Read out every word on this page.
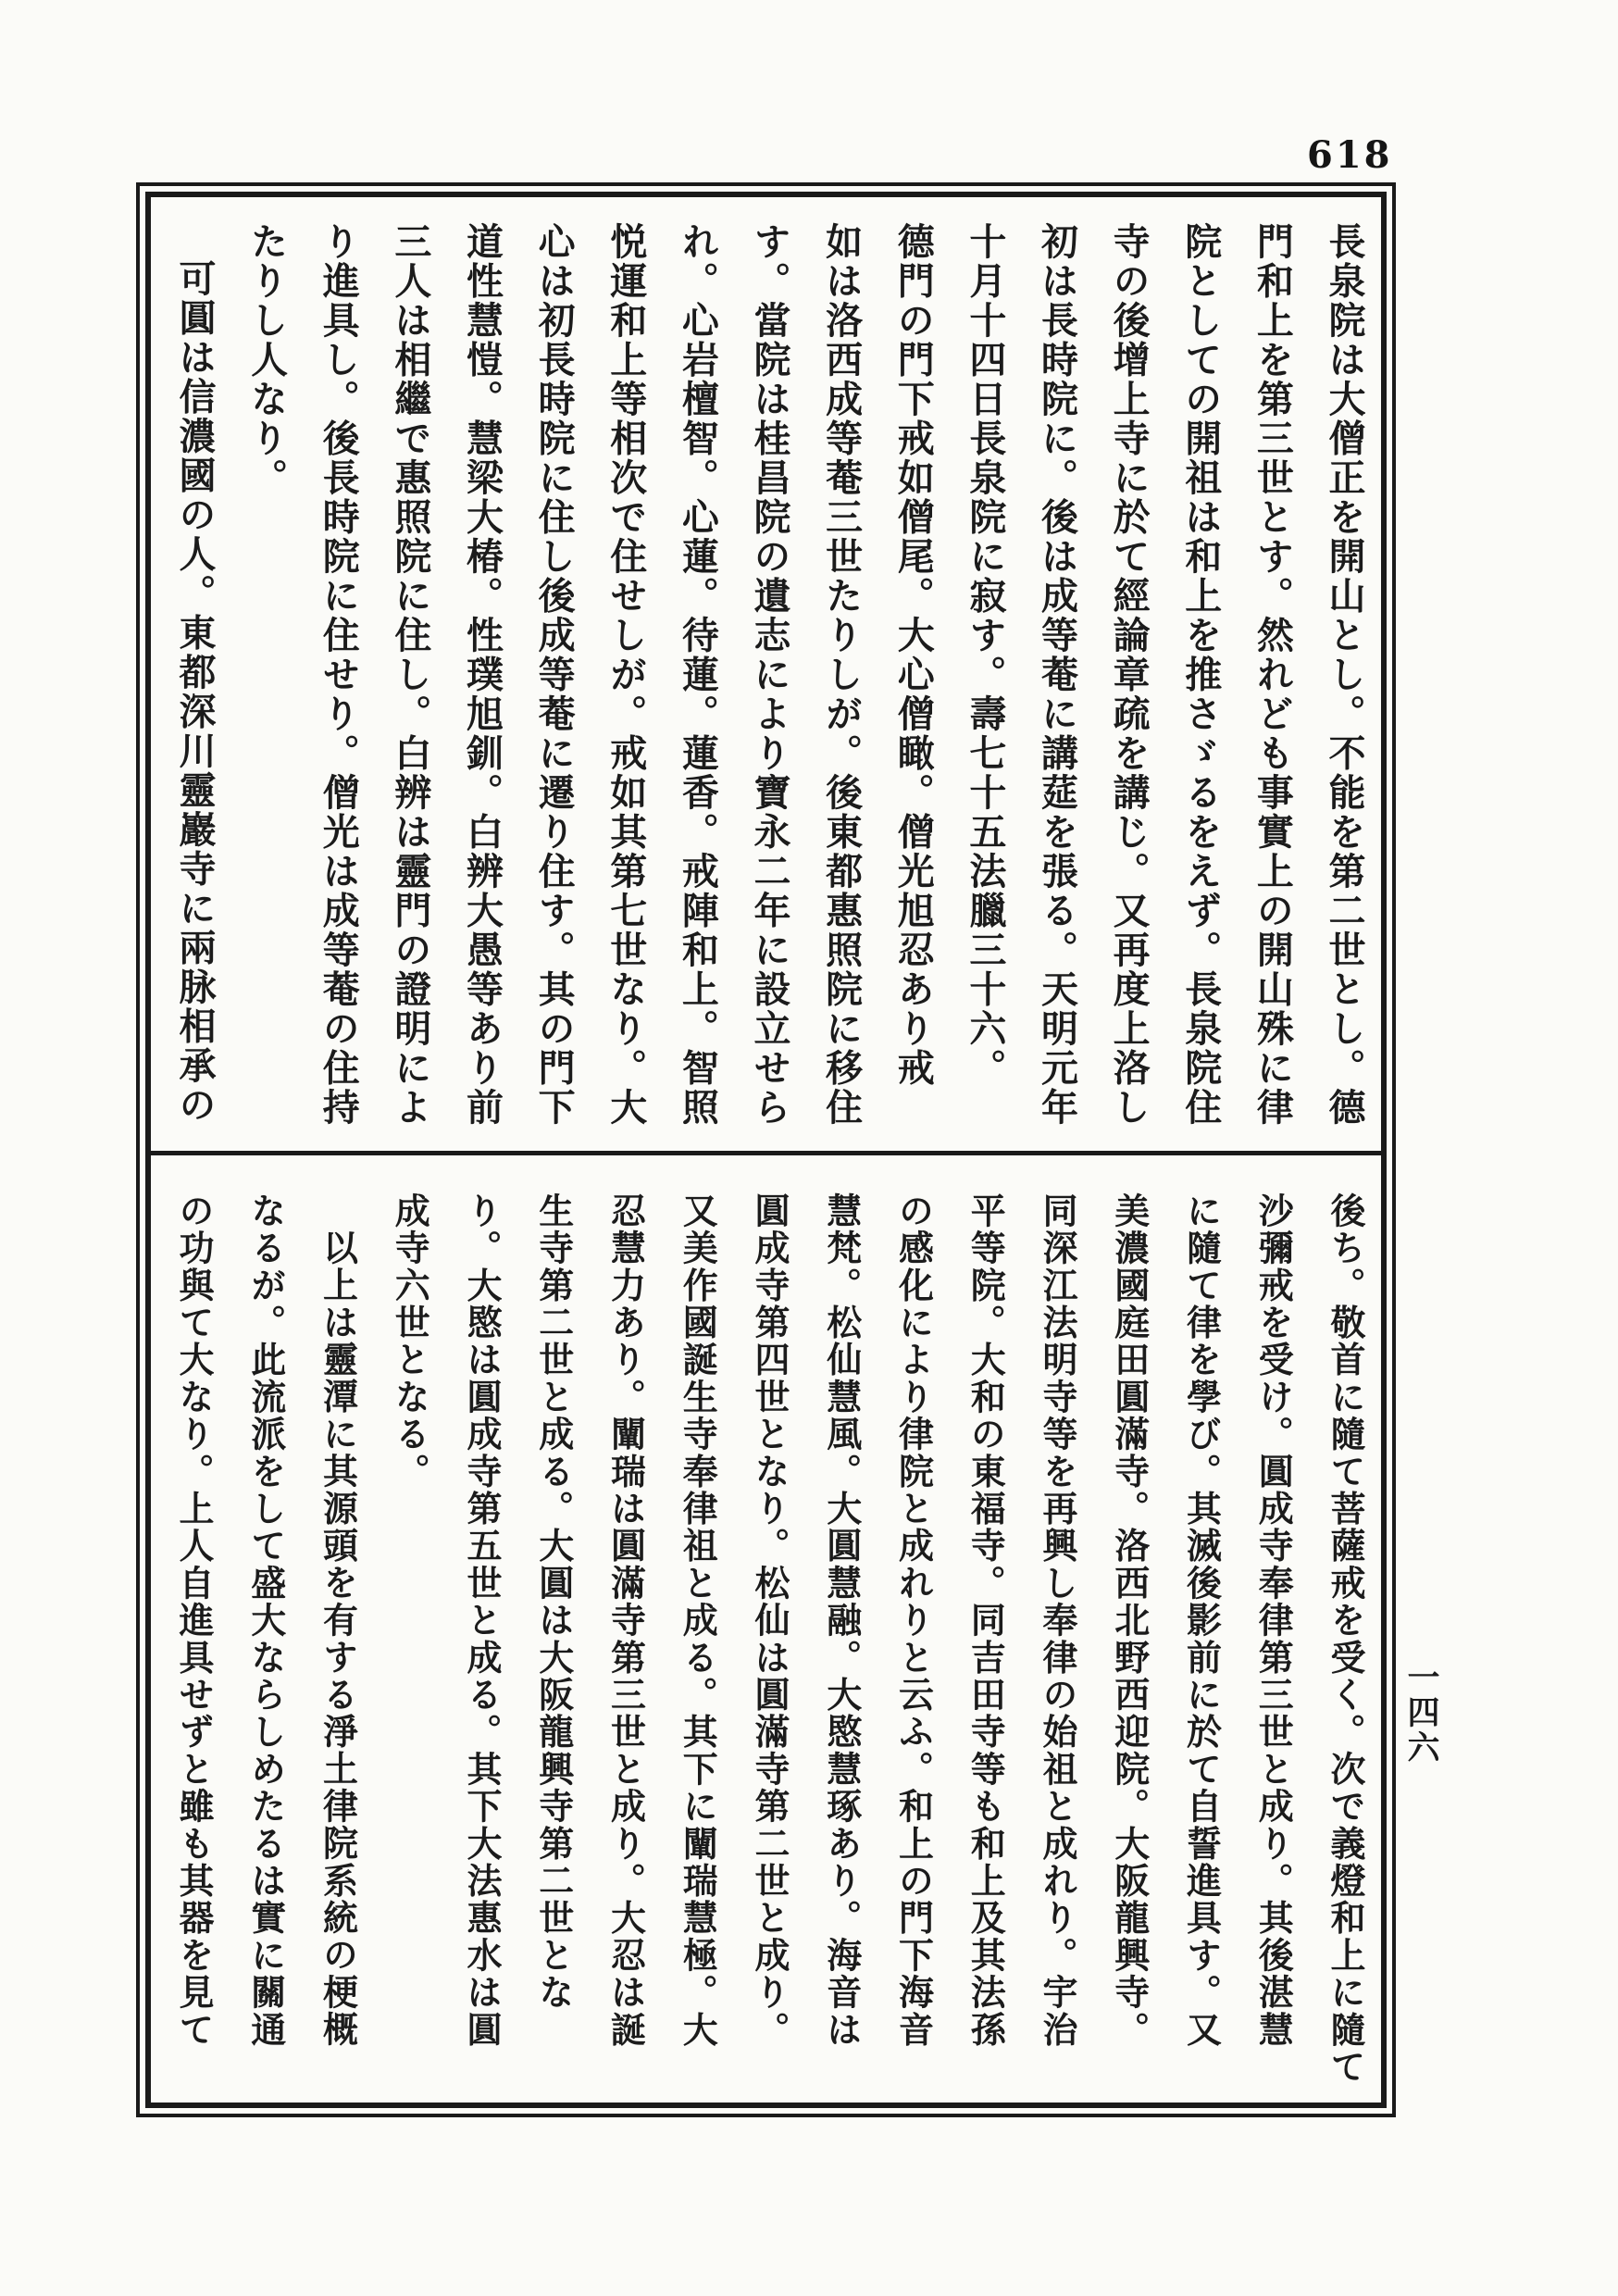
618
長泉院は大僧正を開山とし。不能を第二世とし。德
門和上を第三世とす。然れども事實上の開山殊に律
院としての開祖は和上を推さゞるをえず。長泉院住
寺の後增上寺に於て經論章疏を講じ。又再度上洛し
初は長時院に。後は成等菴に講莚を張る。天明元年
十月十四日長泉院に寂す。壽七十五法臘三十六。
德門の門下戒如僧尾。大心僧瞰。僧光旭忍あり戒
如は洛西成等菴三世たりしが。後東都惠照院に移住
す。當院は桂昌院の遺志により寶永二年に設立せら
れ。心岩檀智。心蓮。待蓮。蓮香。戒陣和上。智照
悦運和上等相次で住せしが。戒如其第七世なり。大
心は初長時院に住し後成等菴に遷り住す。其の門下
道性慧愷。慧梁大椿。性璞旭釧。白辨大愚等あり前
三人は相繼で惠照院に住し。白辨は靈門の證明によ
り進具し。後長時院に住せり。僧光は成等菴の住持
たりし人なり。
可圓は信濃國の人。東都深川靈巖寺に兩脉相承の
後ち。敬首に隨て菩薩戒を受く。次で義燈和上に隨て
沙彌戒を受け。圓成寺奉律第三世と成り。其後湛慧
に隨て律を學び。其滅後影前に於て自誓進具す。又
美濃國庭田圓滿寺。洛西北野西迎院。大阪龍興寺。
同深江法明寺等を再興し奉律の始祖と成れり。宇治
平等院。大和の東福寺。同吉田寺等も和上及其法孫
の感化により律院と成れりと云ふ。和上の門下海音
慧梵。松仙慧風。大圓慧融。大愍慧琢あり。海音は
圓成寺第四世となり。松仙は圓滿寺第二世と成り。
又美作國誕生寺奉律祖と成る。其下に闡瑞慧極。大
忍慧力あり。闡瑞は圓滿寺第三世と成り。大忍は誕
生寺第二世と成る。大圓は大阪龍興寺第二世とな
り。大愍は圓成寺第五世と成る。其下大法惠水は圓
成寺六世となる。
以上は靈潭に其源頭を有する淨土律院系統の梗概
なるが。此流派をして盛大ならしめたるは實に關通
の功與て大なり。上人自進具せずと雖も其器を見て	一四六
